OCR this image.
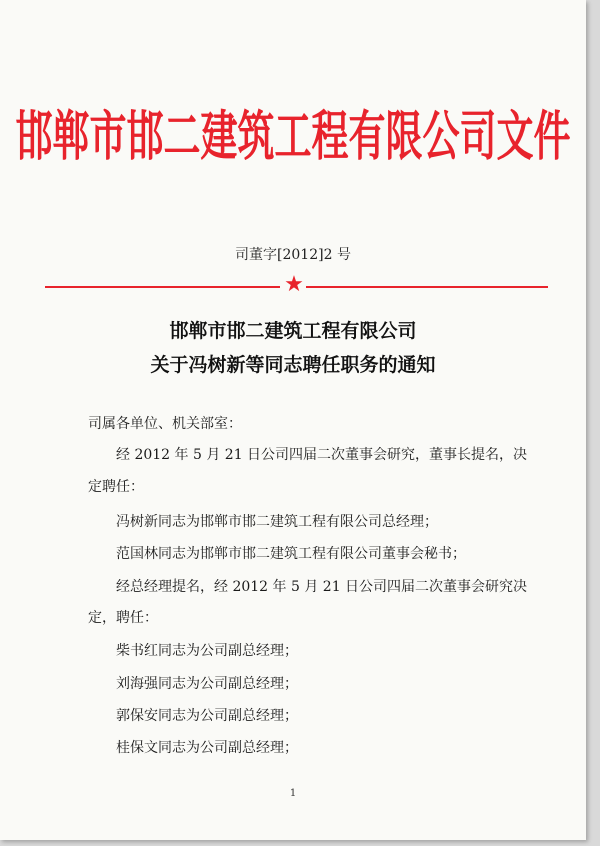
邯郸市邯二建筑工程有限公司文件
司董字[2012]2 号
★
邯郸市邯二建筑工程有限公司
关于冯树新等同志聘任职务的通知
司属各单位、机关部室：
经 2012 年 5 月 21 日公司四届二次董事会研究，董事长提名，决
定聘任：
冯树新同志为邯郸市邯二建筑工程有限公司总经理；
范国林同志为邯郸市邯二建筑工程有限公司董事会秘书；
经总经理提名，经 2012 年 5 月 21 日公司四届二次董事会研究决
定，聘任：
柴书红同志为公司副总经理；
刘海强同志为公司副总经理；
郭保安同志为公司副总经理；
桂保文同志为公司副总经理；
1
